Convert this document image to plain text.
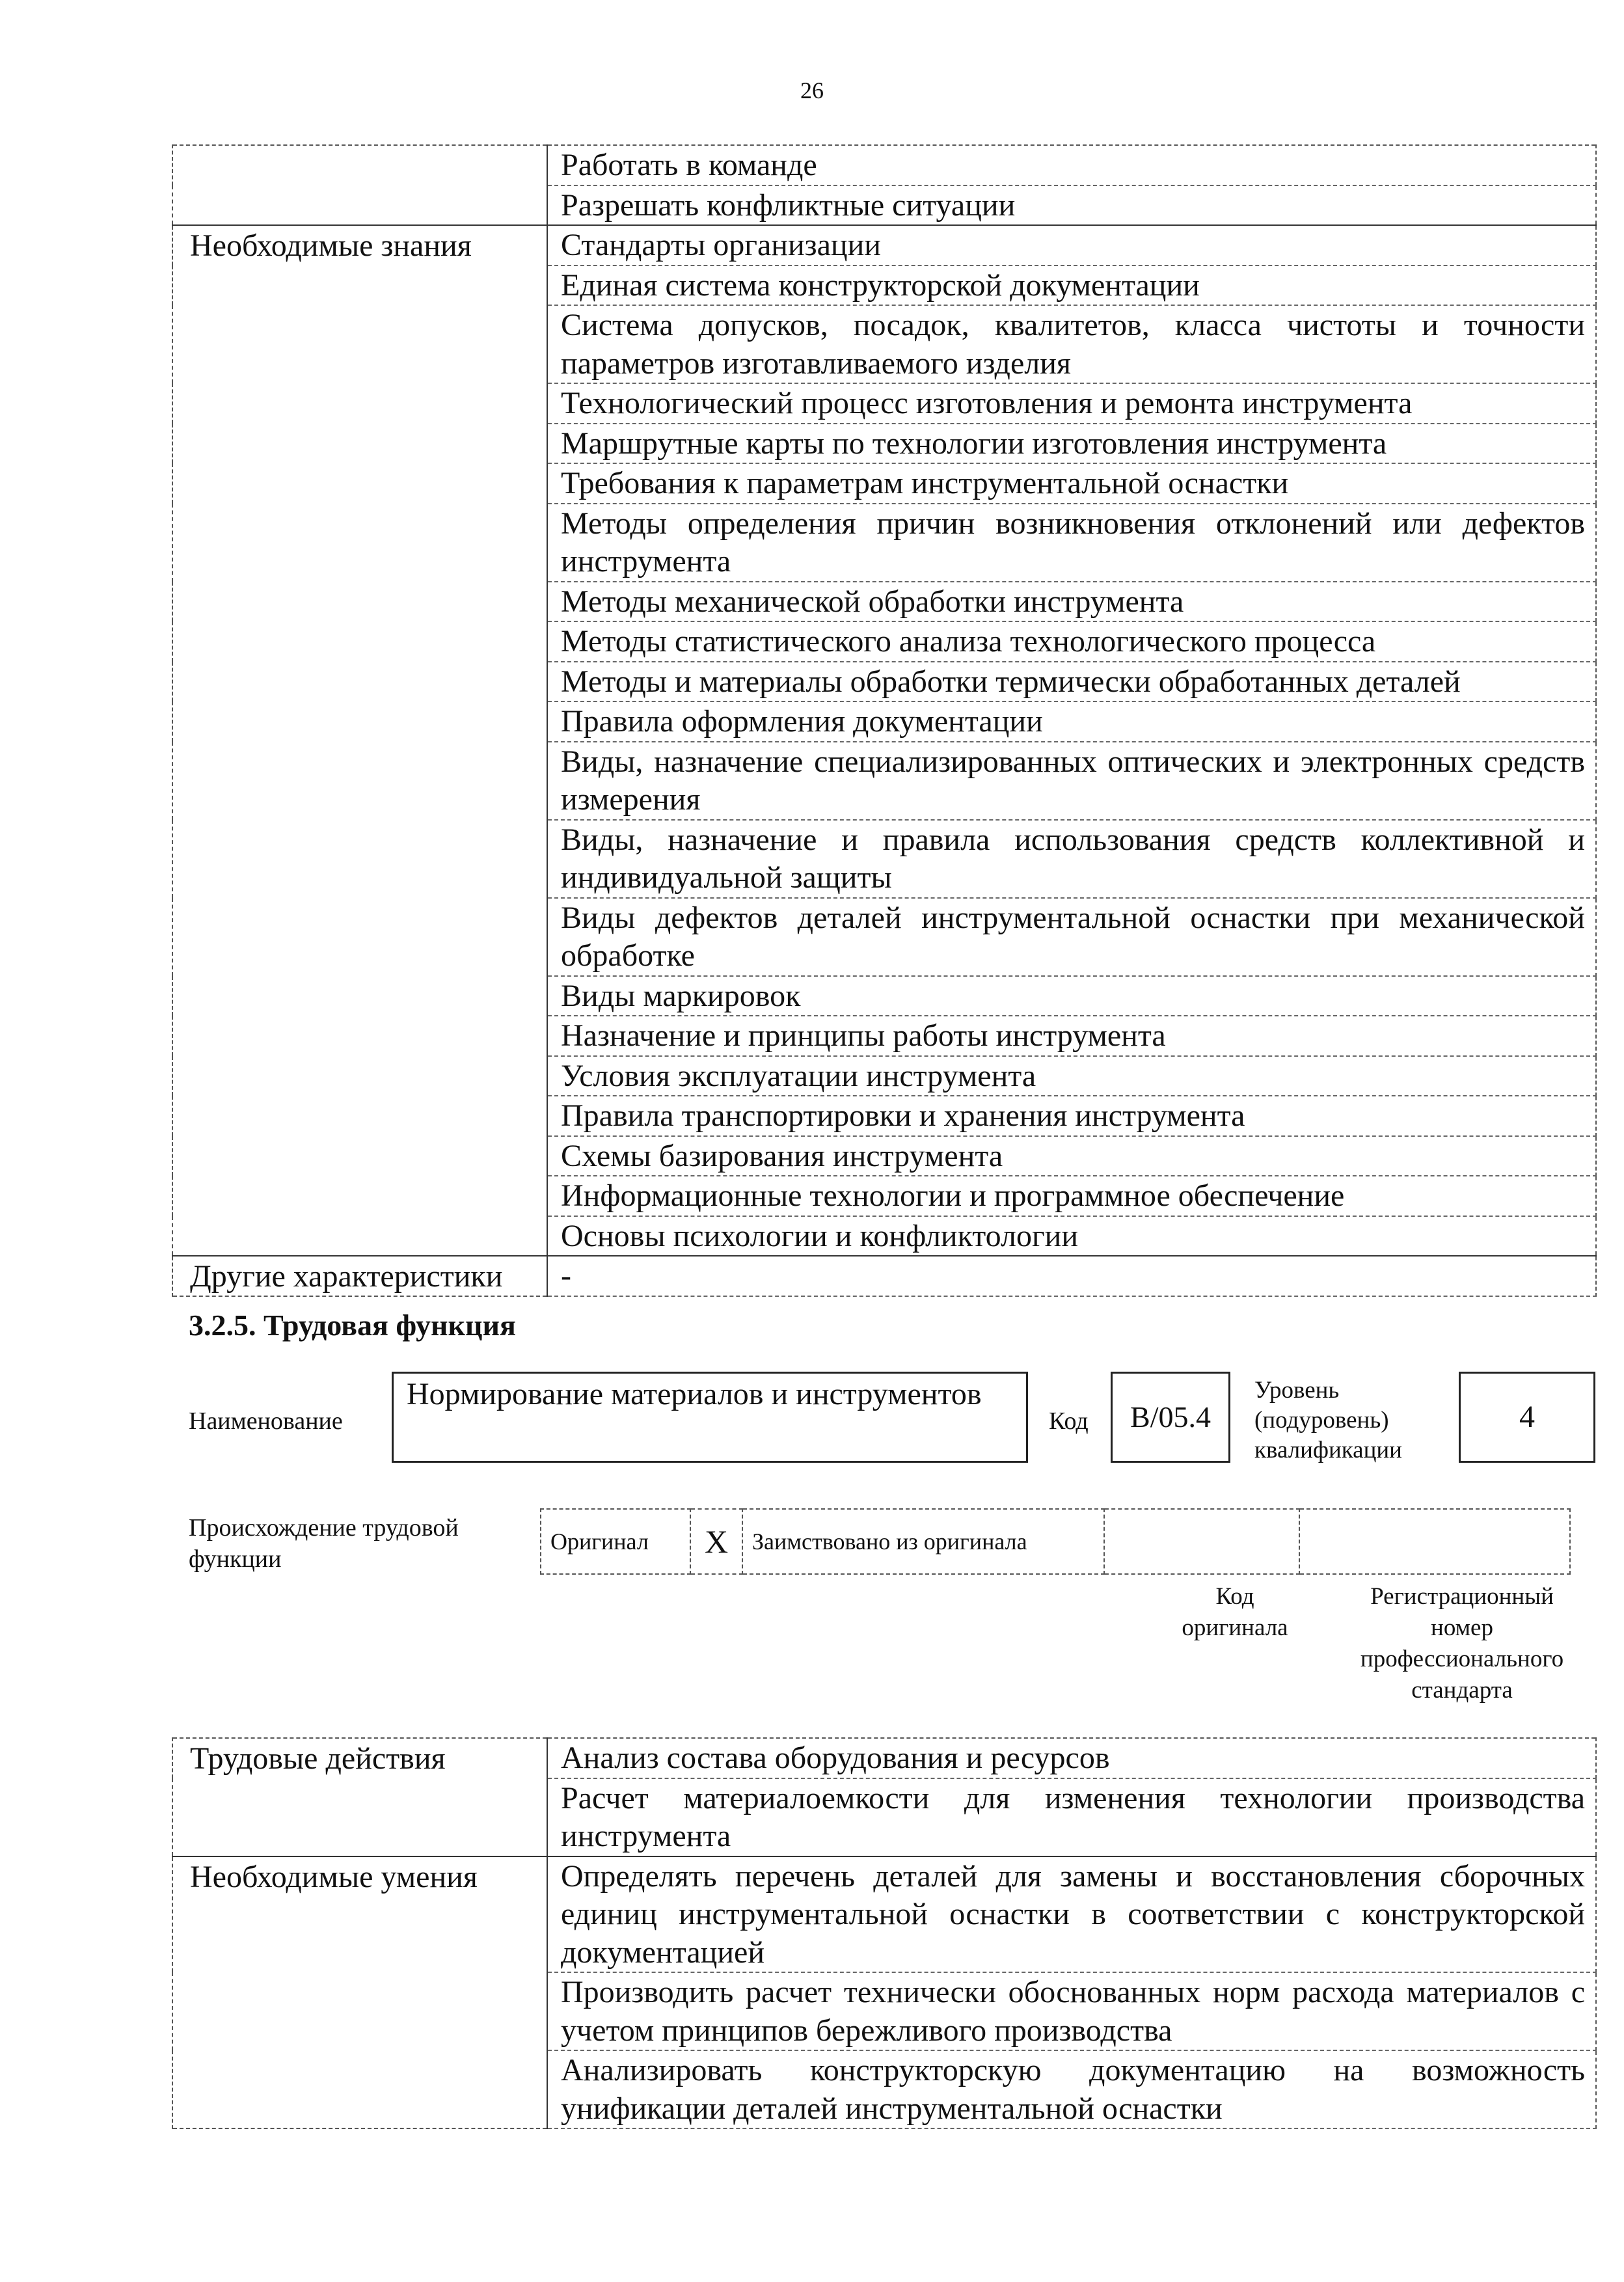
26
	Работать в команде
	Разрешать конфликтные ситуации
Необходимые знания	Стандарты организации
	Единая система конструкторской документации
	Система допусков, посадок, квалитетов, класса чистоты и точности параметров изготавливаемого изделия
	Технологический процесс изготовления и ремонта инструмента
	Маршрутные карты по технологии изготовления инструмента
	Требования к параметрам инструментальной оснастки
	Методы определения причин возникновения отклонений или дефектов инструмента
	Методы механической обработки инструмента
	Методы статистического анализа технологического процесса
	Методы и материалы обработки термически обработанных деталей
	Правила оформления документации
	Виды, назначение специализированных оптических и электронных средств измерения
	Виды, назначение и правила использования средств коллективной и индивидуальной защиты
	Виды дефектов деталей инструментальной оснастки при механической обработке
	Виды маркировок
	Назначение и принципы работы инструмента
	Условия эксплуатации инструмента
	Правила транспортировки и хранения инструмента
	Схемы базирования инструмента
	Информационные технологии и программное обеспечение
	Основы психологии и конфликтологии
Другие характеристики	-
3.2.5. Трудовая функция
Наименование
Нормирование материалов и инструментов
Код	В/05.4
Уровень
(подуровень)
квалификации
4
Происхождение трудовой функции
Оригинал	X	Заимствовано из оригинала		
Код
оригинала
Регистрационный
номер
профессионального
стандарта
Трудовые действия	Анализ состава оборудования и ресурсов
	Расчет материалоемкости для изменения технологии производства инструмента
Необходимые умения	Определять перечень деталей для замены и восстановления сборочных единиц инструментальной оснастки в соответствии с конструкторской документацией
	Производить расчет технически обоснованных норм расхода материалов с учетом принципов бережливого производства
	Анализировать конструкторскую документацию на возможность унификации деталей инструментальной оснастки
